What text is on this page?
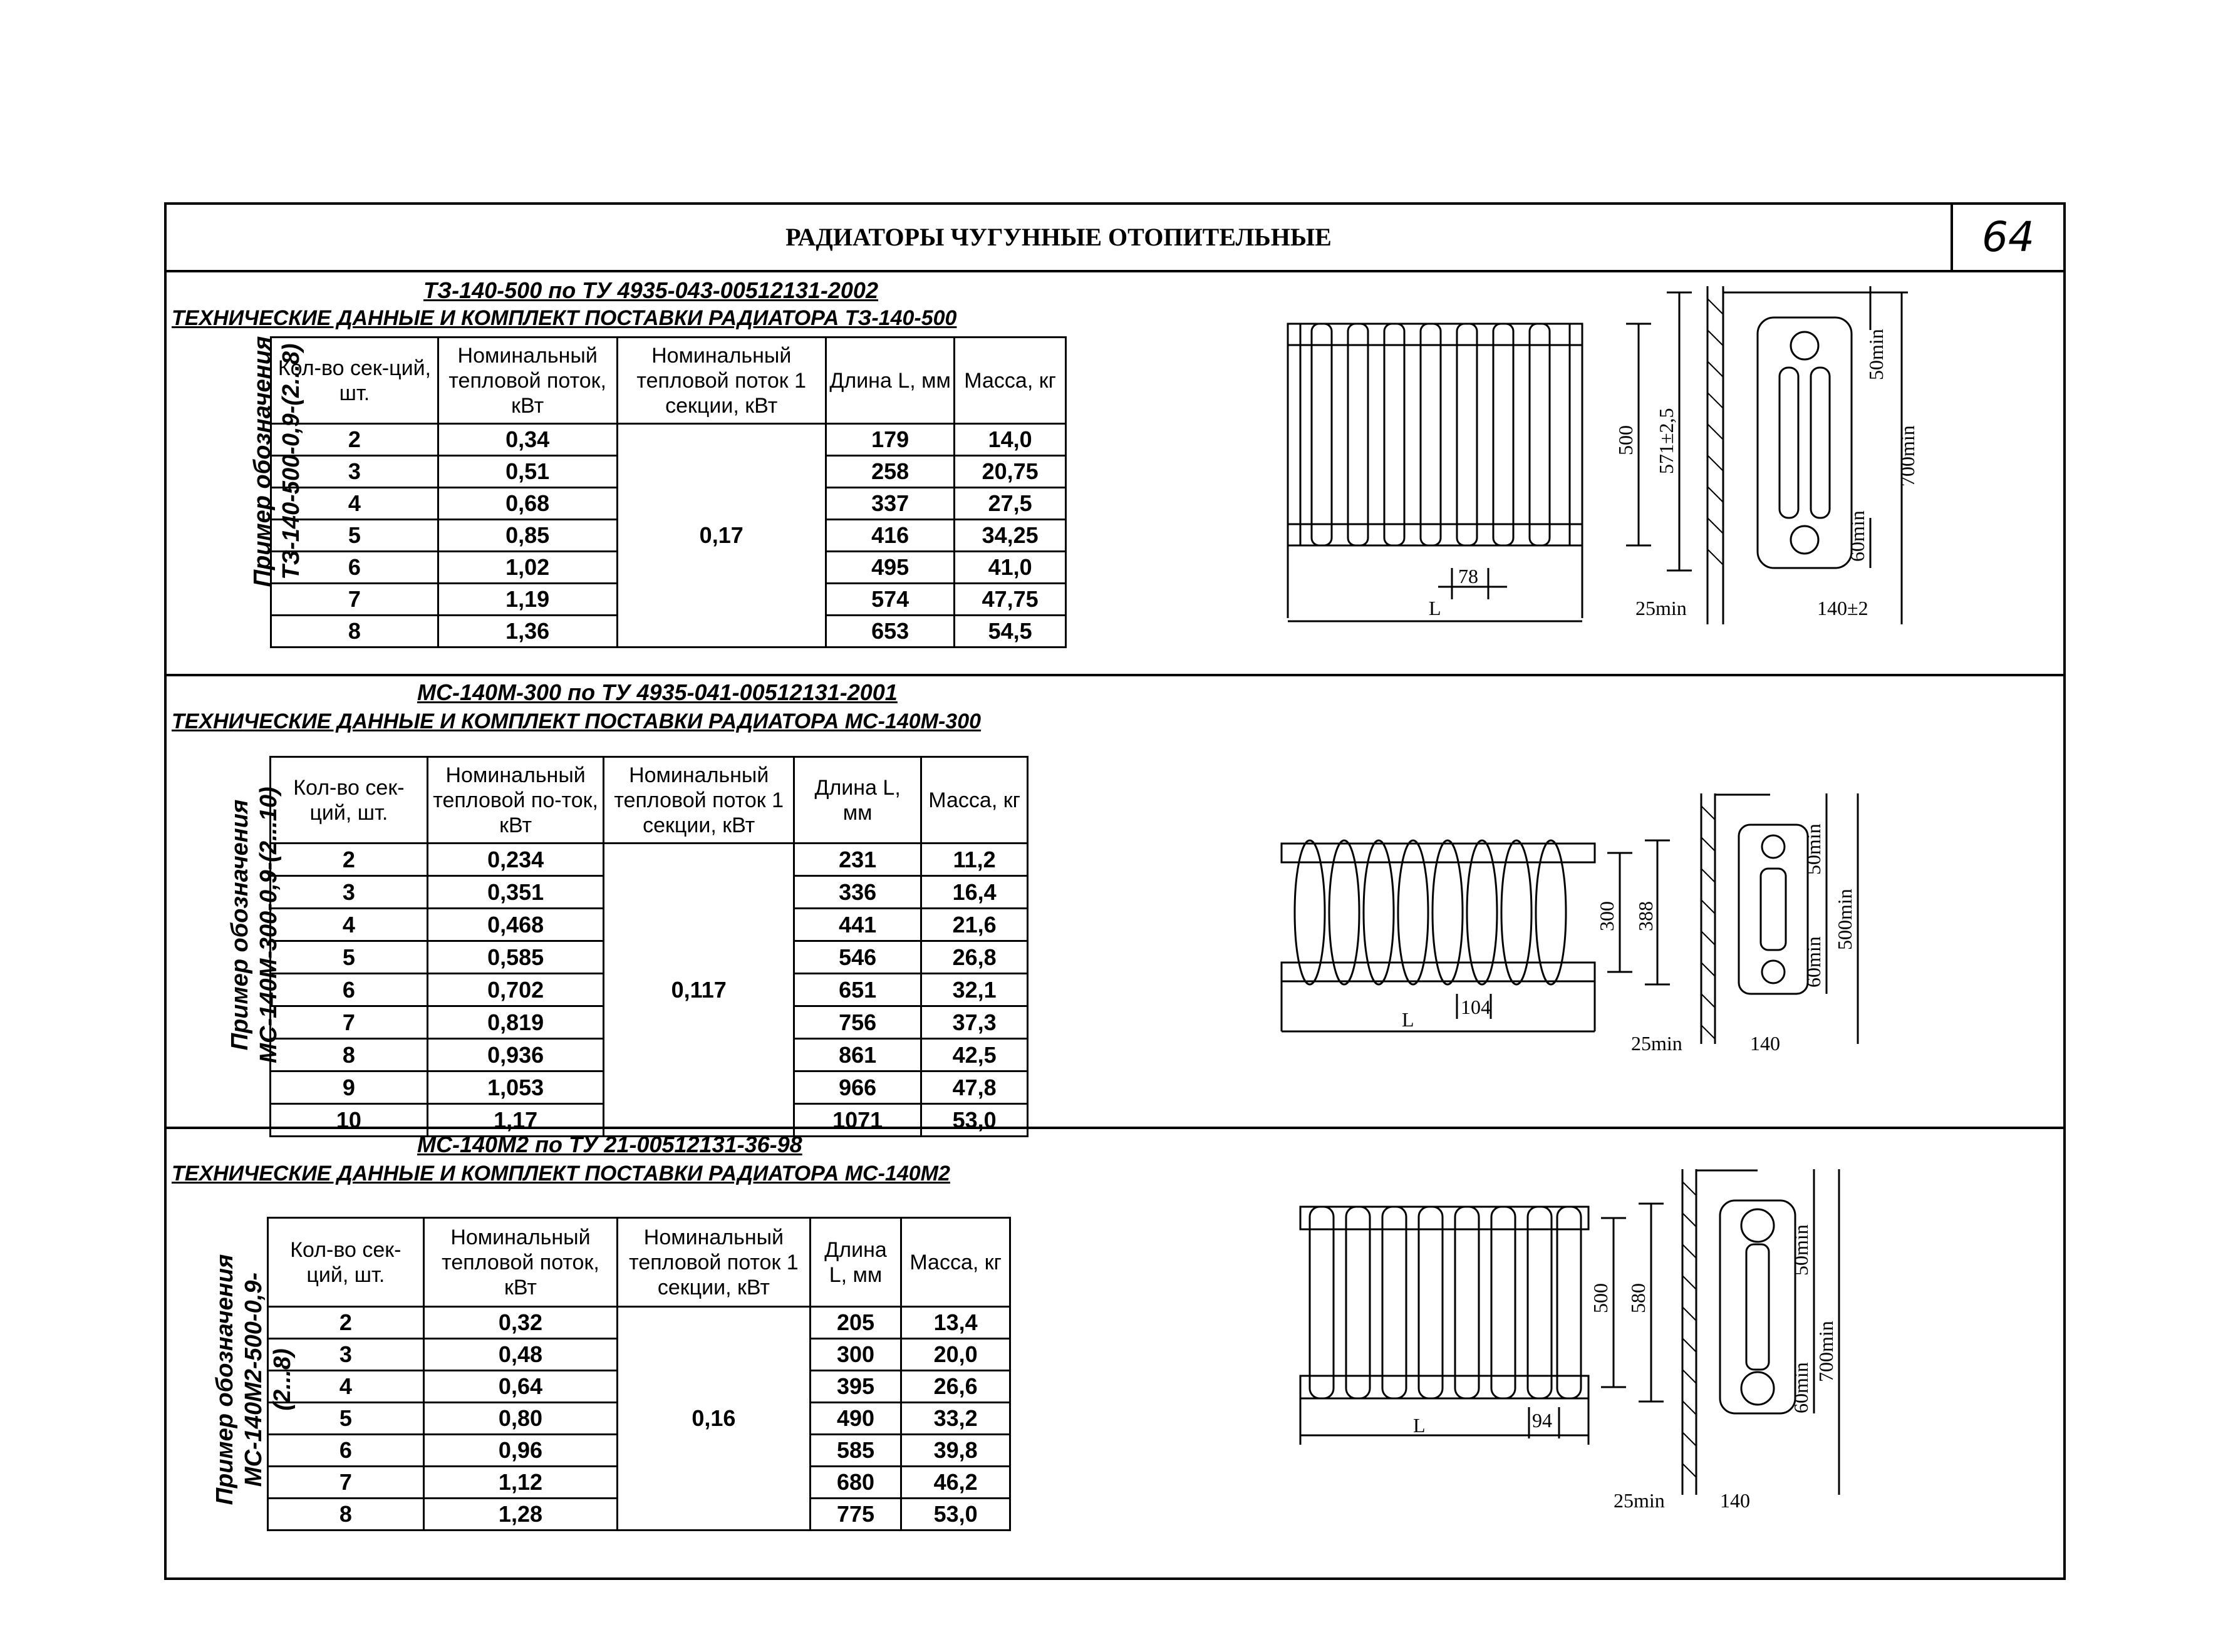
РАДИАТОРЫ ЧУГУННЫЕ ОТОПИТЕЛЬНЫЕ	64
ТЗ-140-500 по ТУ 4935-043-00512131-2002
ТЕХНИЧЕСКИЕ ДАННЫЕ И КОМПЛЕКТ ПОСТАВКИ РАДИАТОРА ТЗ-140-500
Пример обозначения ТЗ-140-500-0,9-(2...8)
Кол-во сек-ций, шт.	Номинальный тепловой поток, кВт	Номинальный тепловой поток 1 секции, кВт	Длина L, мм	Масса, кг
2	0,34	0,17	179	14,0
3	0,51		258	20,75
4	0,68		337	27,5
5	0,85		416	34,25
6	1,02		495	41,0
7	1,19		574	47,75
8	1,36		653	54,5
500 571±2,5
78
L	25min	140±2
50min
60min
700min
МС-140М-300 по ТУ 4935-041-00512131-2001
ТЕХНИЧЕСКИЕ ДАННЫЕ И КОМПЛЕКТ ПОСТАВКИ РАДИАТОРА МС-140М-300
Пример обозначения МС-140М-300-0,9-(2...10) Кол-во сек-ций, шт.	Номинальный тепловой по-ток, кВт	Номинальный тепловой поток 1 секции, кВт	Длина L, мм	Масса, кг
2	0,234	0,117	231	11,2
3	0,351		336	16,4
4	0,468		441	21,6
5	0,585		546	26,8
6	0,702		651	32,1
7	0,819		756	37,3
8	0,936		861	42,5
9	1,053		966	47,8
10	1,17		1071	53,0
300 388
104
L
25min	140
50min
60min
500min
МС-140М2 по ТУ 21-00512131-36-98
ТЕХНИЧЕСКИЕ ДАННЫЕ И КОМПЛЕКТ ПОСТАВКИ РАДИАТОРА МС-140М2
Пример обозначения МС-140М2-500-0,9- (2...8)
Кол-во сек-ций, шт.	Номинальный тепловой поток, кВт	Номинальный тепловой поток 1 секции, кВт	Длина L, мм	Масса, кг
2	0,32	0,16	205	13,4
3	0,48		300	20,0
4	0,64		395	26,6
5	0,80		490	33,2
6	0,96		585	39,8
7	1,12		680	46,2
8	1,28		775	53,0
500 580
94
L
25min	140
50min
60min
700min
